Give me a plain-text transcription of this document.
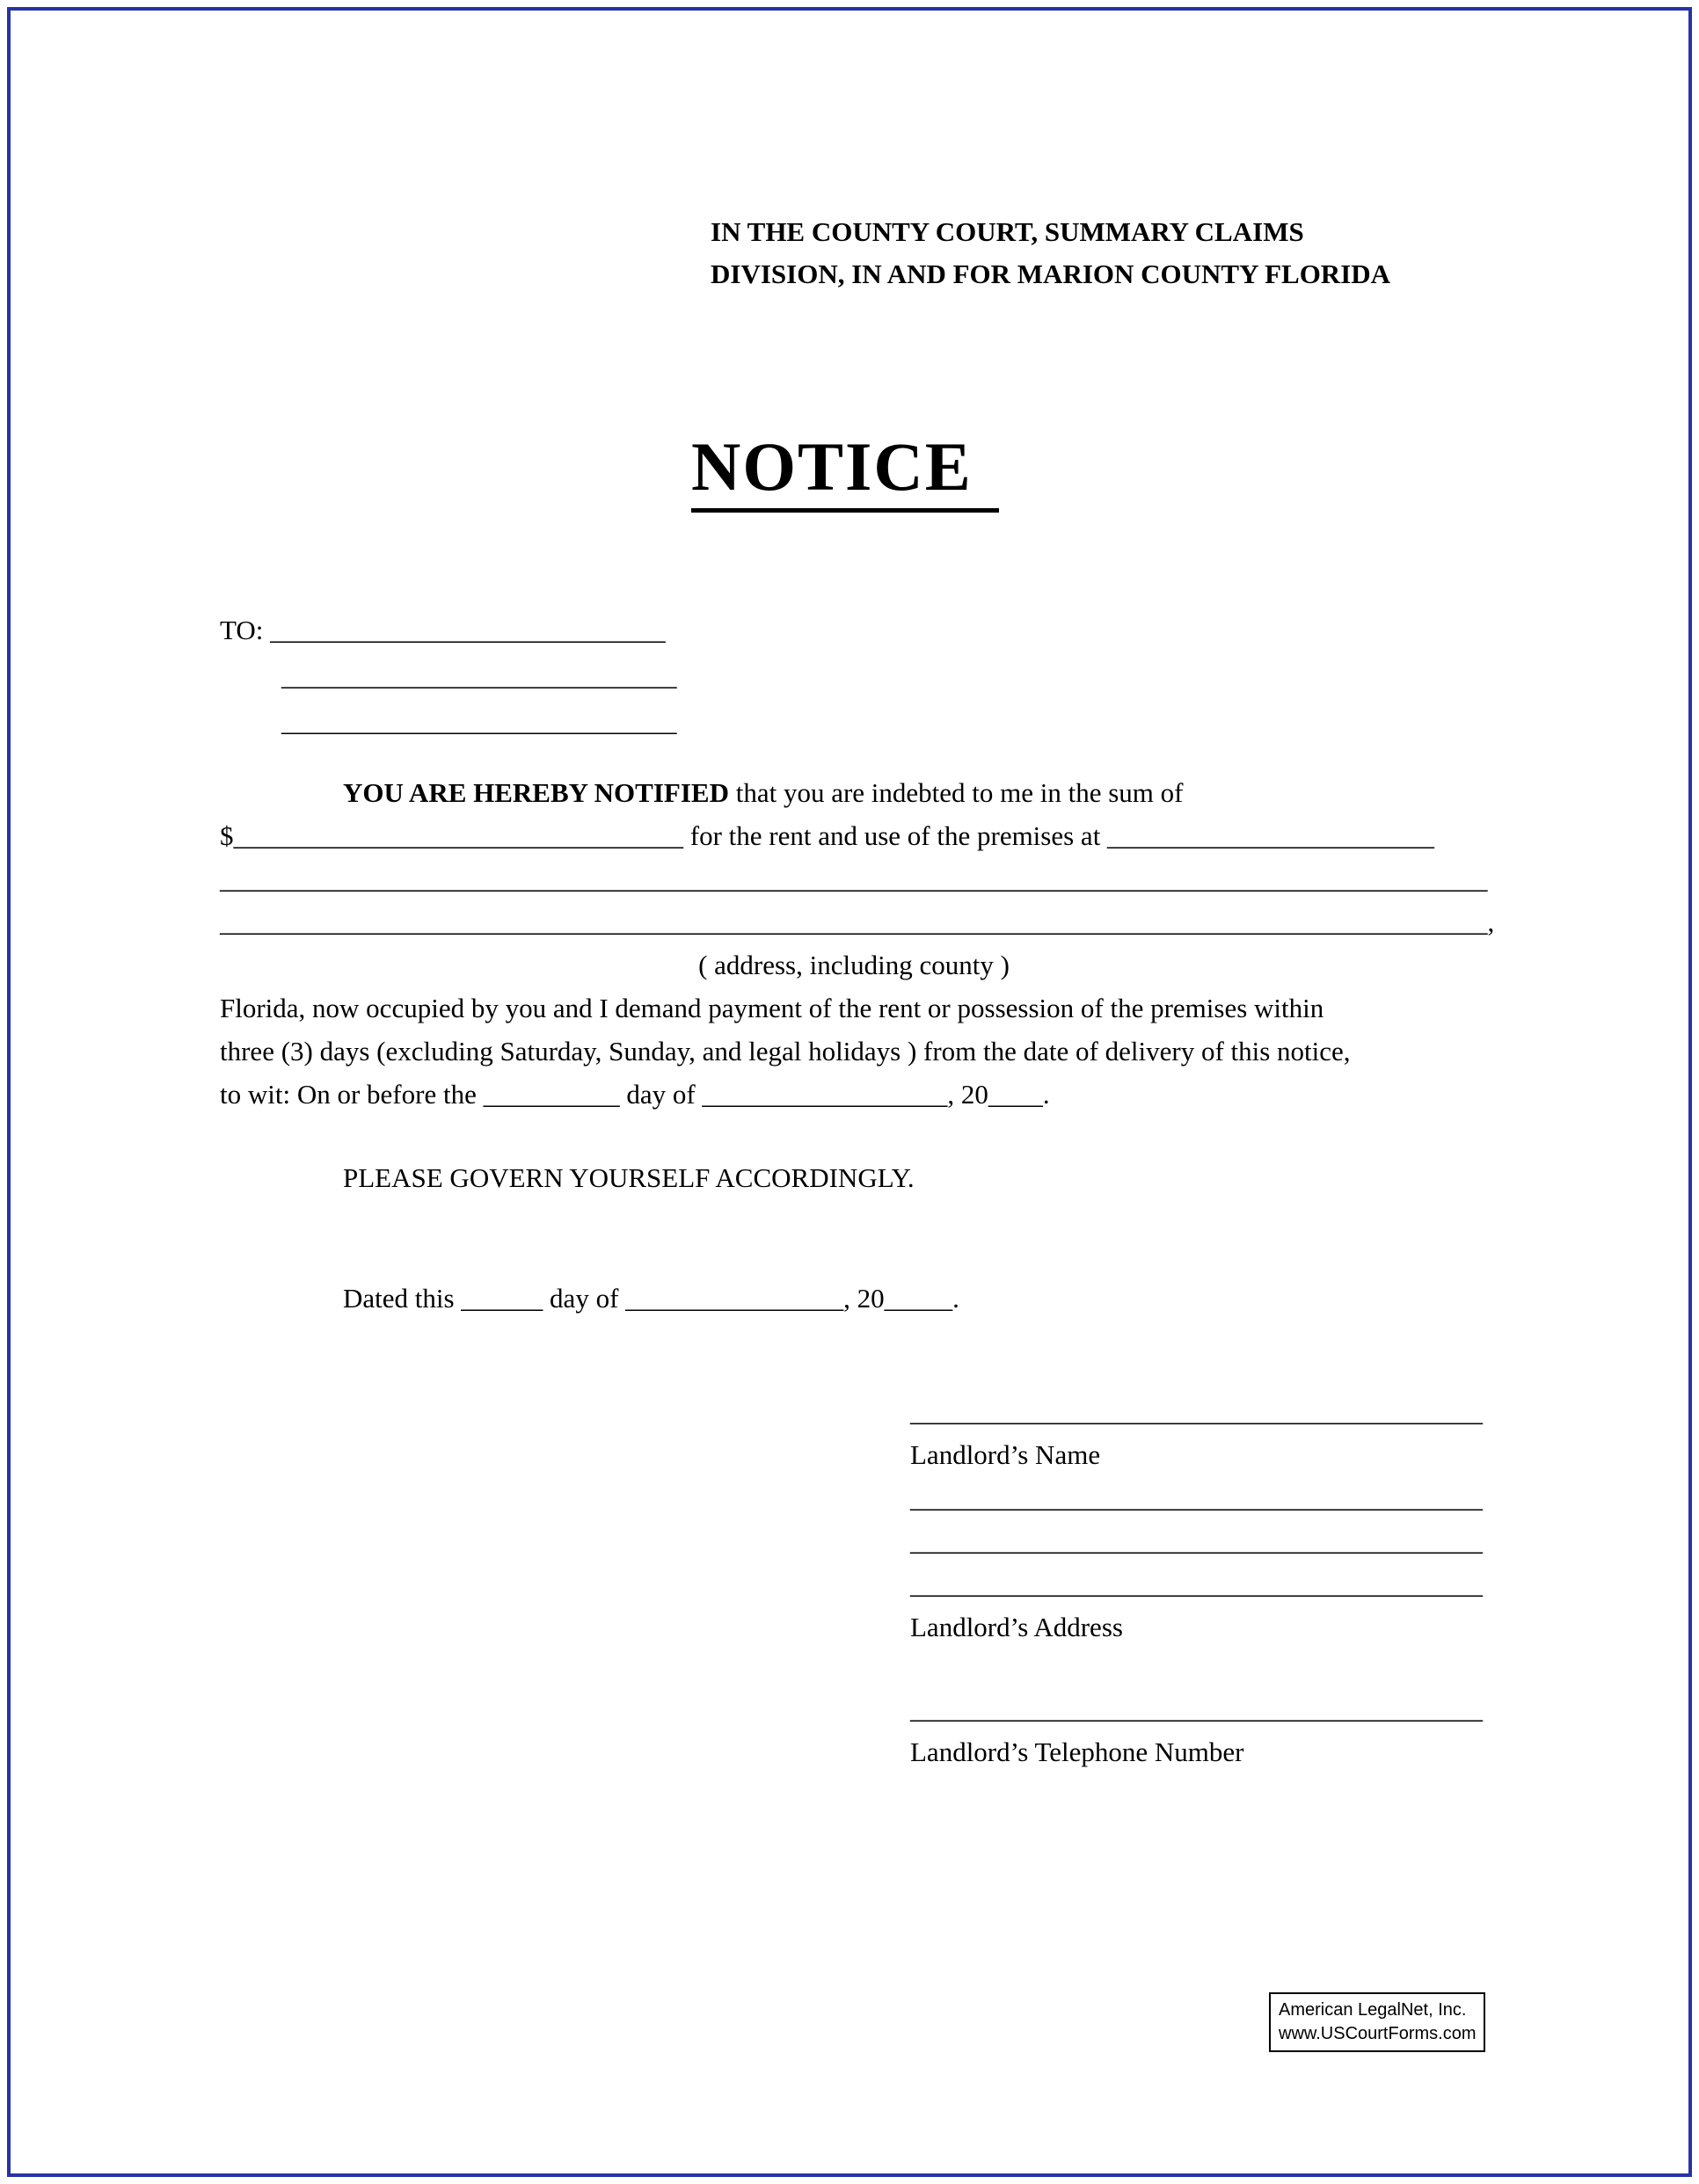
IN THE COUNTY COURT, SUMMARY CLAIMS
DIVISION, IN AND FOR MARION COUNTY FLORIDA
NOTICE
TO: _____________________________
_____________________________
_____________________________

YOU ARE HEREBY NOTIFIED that you are indebted to me in the sum of

$_________________________________ for the rent and use of the premises at ________________________

_____________________________________________________________________________________________

_____________________________________________________________________________________________,

( address, including county )

Florida, now occupied by you and I demand payment of the rent or possession of the premises within

three (3) days (excluding Saturday, Sunday, and legal holidays ) from the date of delivery of this notice,

to wit: On or before the __________ day of __________________, 20____.

PLEASE GOVERN YOURSELF ACCORDINGLY.

Dated this ______ day of ________________, 20_____.

__________________________________________
Landlord’s Name
__________________________________________
__________________________________________
__________________________________________
Landlord’s Address
__________________________________________
Landlord’s Telephone Number
American LegalNet, Inc.
www.USCourtForms.com
